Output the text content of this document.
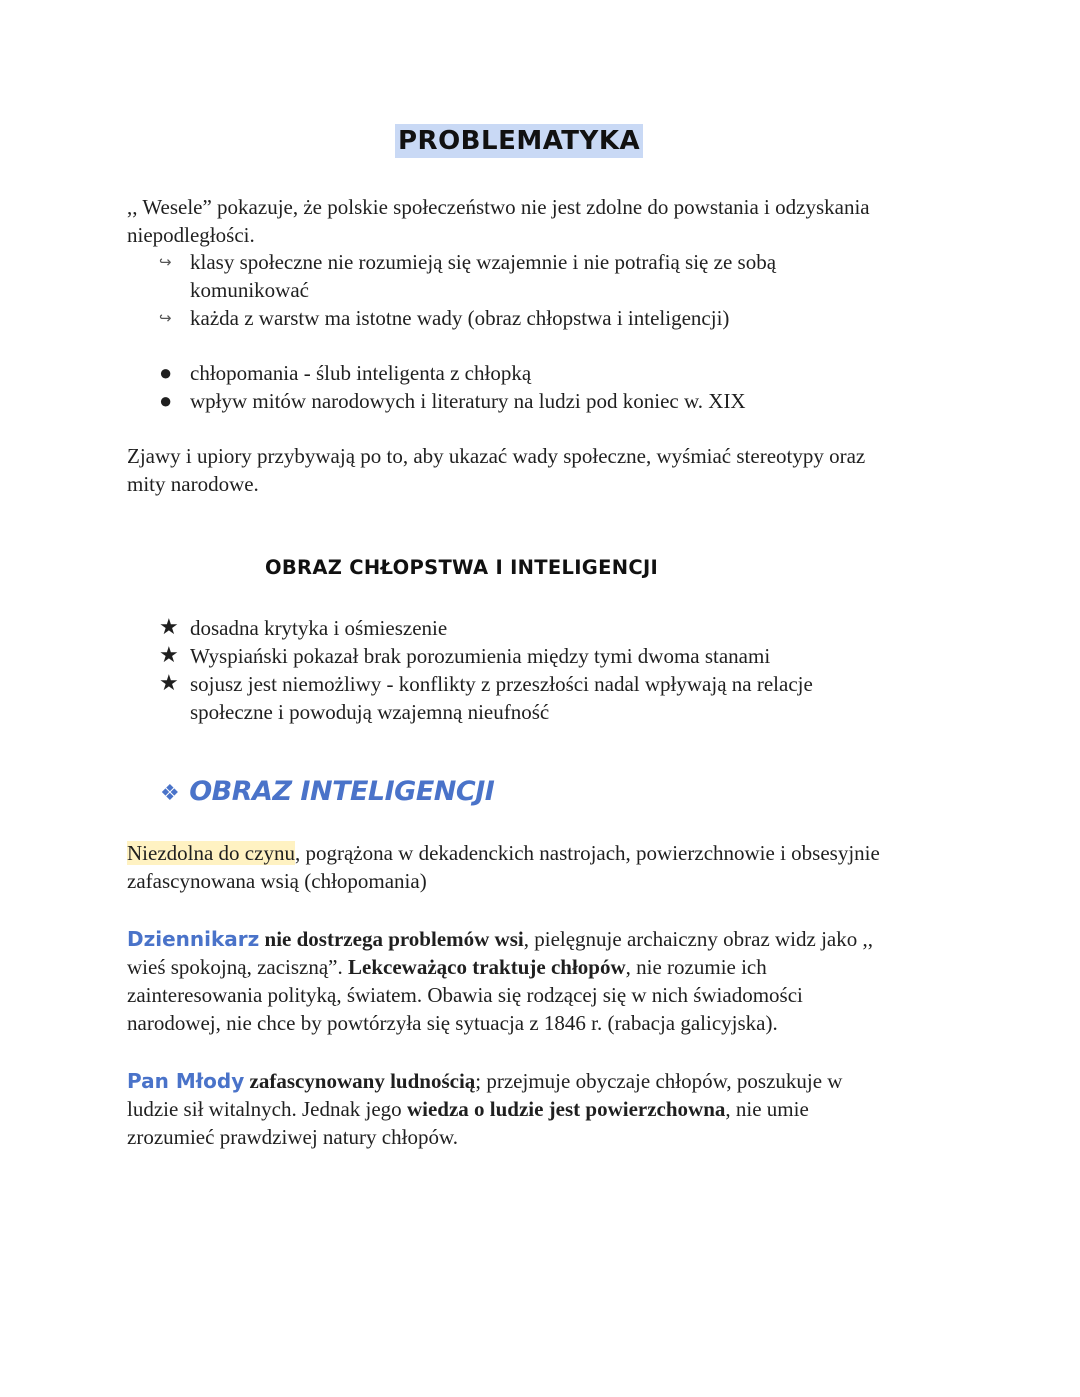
PROBLEMATYKA

,, Wesele” pokazuje, że polskie społeczeństwo nie jest zdolne do powstania i odzyskania

niepodległości.

↪ klasy społeczne nie rozumieją się wzajemnie i nie potrafią się ze sobą
komunikować
↪ każda z warstw ma istotne wady (obraz chłopstwa i inteligencji)
● chłopomania - ślub inteligenta z chłopką
● wpływ mitów narodowych i literatury na ludzi pod koniec w. XIX

Zjawy i upiory przybywają po to, aby ukazać wady społeczne, wyśmiać stereotypy oraz

mity narodowe.

OBRAZ CHŁOPSTWA I INTELIGENCJI
★ dosadna krytyka i ośmieszenie
★ Wyspiański pokazał brak porozumienia między tymi dwoma stanami
★ sojusz jest niemożliwy - konflikty z przeszłości nadal wpływają na relacje
społeczne i powodują wzajemną nieufność
❖ OBRAZ INTELIGENCJI

Niezdolna do czynu, pogrążona w dekadenckich nastrojach, powierzchnowie i obsesyjnie

zafascynowana wsią (chłopomania)

Dziennikarz nie dostrzega problemów wsi, pielęgnuje archaiczny obraz widz jako ,,

wieś spokojną, zaciszną”. Lekceważąco traktuje chłopów, nie rozumie ich

zainteresowania polityką, światem. Obawia się rodzącej się w nich świadomości

narodowej, nie chce by powtórzyła się sytuacja z 1846 r. (rabacja galicyjska).

Pan Młody zafascynowany ludnością; przejmuje obyczaje chłopów, poszukuje w

ludzie sił witalnych. Jednak jego wiedza o ludzie jest powierzchowna, nie umie

zrozumieć prawdziwej natury chłopów.
